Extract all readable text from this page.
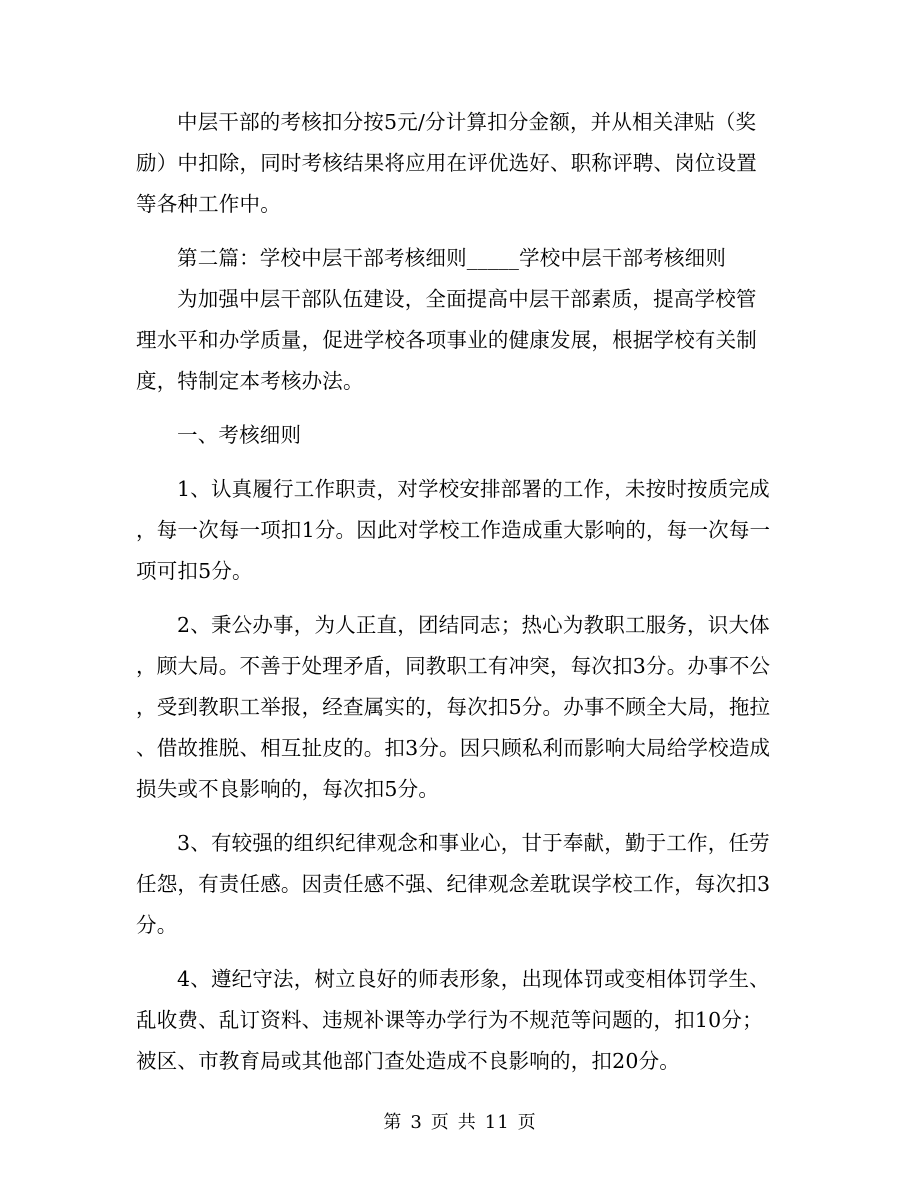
中层干部的考核扣分按5元/分计算扣分金额，并从相关津贴（奖
励）中扣除，同时考核结果将应用在评优选好、职称评聘、岗位设置
等各种工作中。

第二篇：学校中层干部考核细则_____学校中层干部考核细则

为加强中层干部队伍建设，全面提高中层干部素质，提高学校管
理水平和办学质量，促进学校各项事业的健康发展，根据学校有关制
度，特制定本考核办法。

一、考核细则

1、认真履行工作职责，对学校安排部署的工作，未按时按质完成
，每一次每一项扣1分。因此对学校工作造成重大影响的，每一次每一
项可扣5分。

2、秉公办事，为人正直，团结同志；热心为教职工服务，识大体
，顾大局。不善于处理矛盾，同教职工有冲突，每次扣3分。办事不公
，受到教职工举报，经查属实的，每次扣5分。办事不顾全大局，拖拉
、借故推脱、相互扯皮的。扣3分。因只顾私利而影响大局给学校造成
损失或不良影响的，每次扣5分。

3、有较强的组织纪律观念和事业心，甘于奉献，勤于工作，任劳
任怨，有责任感。因责任感不强、纪律观念差耽误学校工作，每次扣3
分。

4、遵纪守法，树立良好的师表形象，出现体罚或变相体罚学生、
乱收费、乱订资料、违规补课等办学行为不规范等问题的，扣10分；
被区、市教育局或其他部门查处造成不良影响的，扣20分。

第 3 页 共 11 页
